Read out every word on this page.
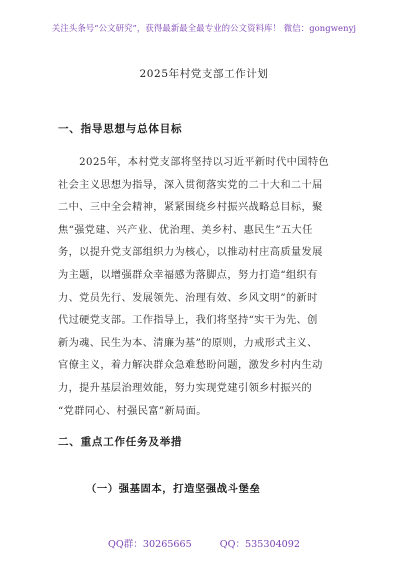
关注头条号“公文研究”，获得最新最全最专业的公文资料库！ 微信：gongwenyj
2025年村党支部工作计划
一、指导思想与总体目标
　　2025年，本村党支部将坚持以习近平新时代中国特色
社会主义思想为指导，深入贯彻落实党的二十大和二十届
二中、三中全会精神，紧紧围绕乡村振兴战略总目标，聚
焦“强党建、兴产业、优治理、美乡村、惠民生”五大任
务，以提升党支部组织力为核心，以推动村庄高质量发展
为主题，以增强群众幸福感为落脚点，努力打造“组织有
力、党员先行、发展领先、治理有效、乡风文明”的新时
代过硬党支部。工作指导上，我们将坚持“实干为先、创
新为魂、民生为本、清廉为基”的原则，力戒形式主义、
官僚主义，着力解决群众急难愁盼问题，激发乡村内生动
力，提升基层治理效能，努力实现党建引领乡村振兴的
“党群同心、村强民富”新局面。
二、重点工作任务及举措
（一）强基固本，打造坚强战斗堡垒
QQ群：30265665	QQ：535304092
